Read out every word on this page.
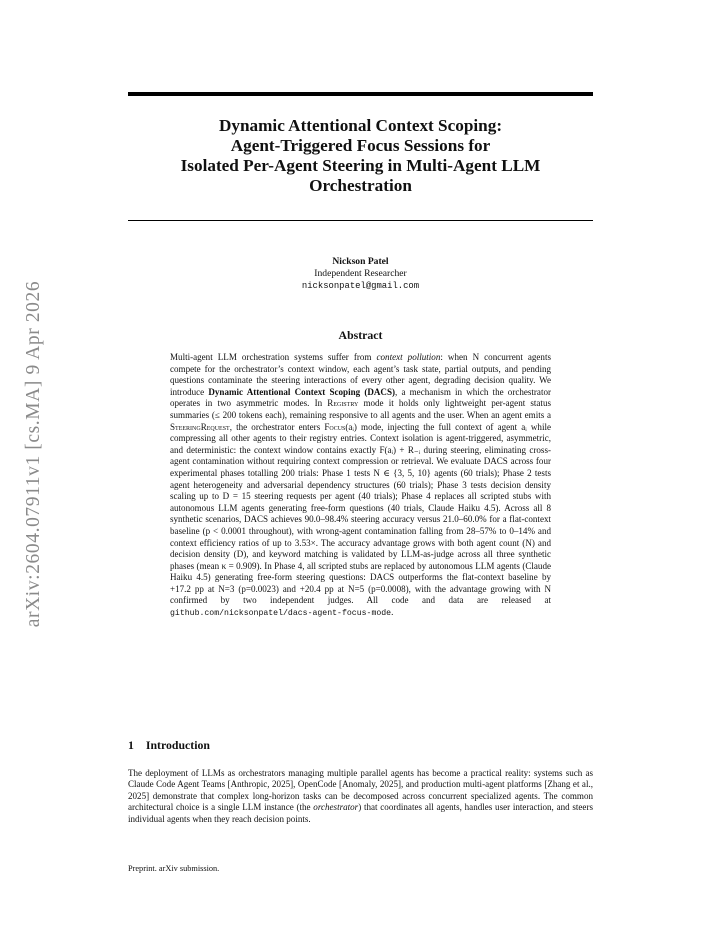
arXiv:2604.07911v1 [cs.MA] 9 Apr 2026
Dynamic Attentional Context Scoping:
Agent-Triggered Focus Sessions for
Isolated Per-Agent Steering in Multi-Agent LLM
Orchestration
Nickson Patel
Independent Researcher
nicksonpatel@gmail.com
Abstract

Multi-agent LLM orchestration systems suffer from context pollution: when N concurrent agents compete for the orchestrator’s context window, each agent’s task state, partial outputs, and pending questions contaminate the steering interactions of every other agent, degrading decision quality. We introduce Dynamic Attentional Context Scoping (DACS), a mechanism in which the orchestrator operates in two asymmetric modes. In Registry mode it holds only lightweight per-agent status summaries (≤ 200 tokens each), remaining responsive to all agents and the user. When an agent emits a SteeringRequest, the orchestrator enters Focus(aᵢ) mode, injecting the full context of agent aᵢ while compressing all other agents to their registry entries. Context isolation is agent-triggered, asymmetric, and deterministic: the context window contains exactly F(aᵢ) + R₋ᵢ during steering, eliminating cross-agent contamination without requiring context compression or retrieval. We evaluate DACS across four experimental phases totalling 200 trials: Phase 1 tests N ∈ {3, 5, 10} agents (60 trials); Phase 2 tests agent heterogeneity and adversarial dependency structures (60 trials); Phase 3 tests decision density scaling up to D = 15 steering requests per agent (40 trials); Phase 4 replaces all scripted stubs with autonomous LLM agents generating free-form questions (40 trials, Claude Haiku 4.5). Across all 8 synthetic scenarios, DACS achieves 90.0–98.4% steering accuracy versus 21.0–60.0% for a flat-context baseline (p < 0.0001 throughout), with wrong-agent contamination falling from 28–57% to 0–14% and context efficiency ratios of up to 3.53×. The accuracy advantage grows with both agent count (N) and decision density (D), and keyword matching is validated by LLM-as-judge across all three synthetic phases (mean κ = 0.909). In Phase 4, all scripted stubs are replaced by autonomous LLM agents (Claude Haiku 4.5) generating free-form steering questions: DACS outperforms the flat-context baseline by +17.2 pp at N=3 (p=0.0023) and +20.4 pp at N=5 (p=0.0008), with the advantage growing with N confirmed by two independent judges. All code and data are released at github.com/nicksonpatel/dacs-agent-focus-mode.

1 Introduction

The deployment of LLMs as orchestrators managing multiple parallel agents has become a practical reality: systems such as Claude Code Agent Teams [Anthropic, 2025], OpenCode [Anomaly, 2025], and production multi-agent platforms [Zhang et al., 2025] demonstrate that complex long-horizon tasks can be decomposed across concurrent specialized agents. The common architectural choice is a single LLM instance (the orchestrator) that coordinates all agents, handles user interaction, and steers individual agents when they reach decision points.

Preprint. arXiv submission.
